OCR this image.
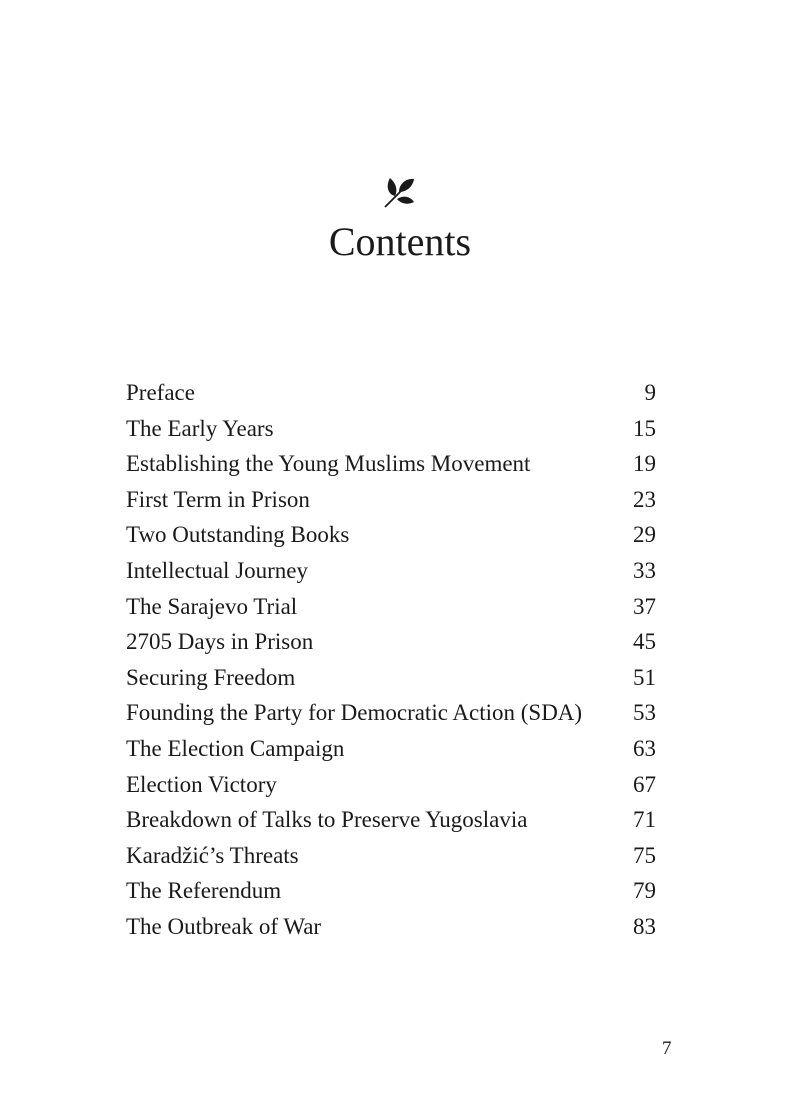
Contents
Preface	9
The Early Years	15
Establishing the Young Muslims Movement	19
First Term in Prison	23
Two Outstanding Books	29
Intellectual Journey	33
The Sarajevo Trial	37
2705 Days in Prison	45
Securing Freedom	51
Founding the Party for Democratic Action (SDA) 53
The Election Campaign	63
Election Victory	67
Breakdown of Talks to Preserve Yugoslavia	71
Karadžić’s Threats	75
The Referendum	79
The Outbreak of War	83
7
